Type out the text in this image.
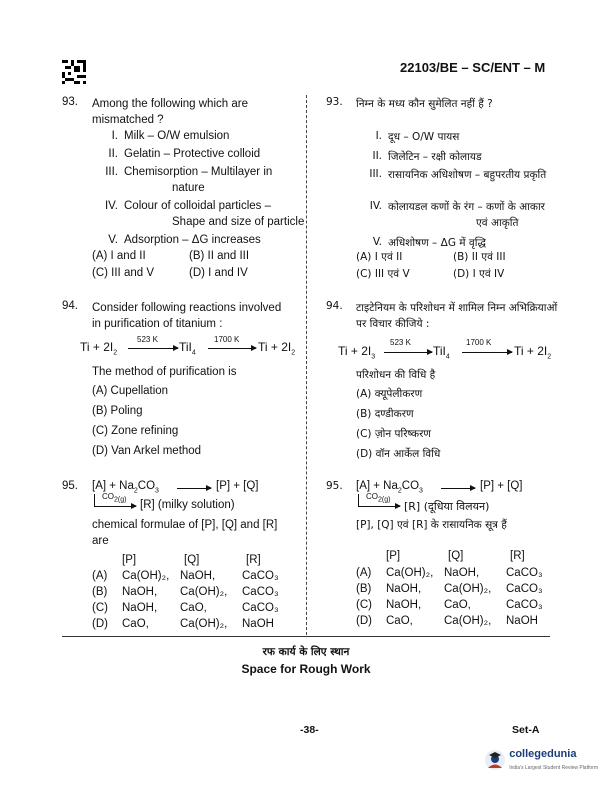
22103/BE – SC/ENT – M
93. Among the following which are
mismatched ?
I. Milk – O/W emulsion
II. Gelatin – Protective colloid
III. Chemisorption – Multilayer in
nature
IV. Colour of colloidal particles –
Shape and size of particle
V. Adsorption – ΔG increases
(A) I and II	(B) II and III
(C) III and V	(D) I and IV
94. Consider following reactions involved
in purification of titanium :
$Ti + 2I_2$
523 K
TiI$_4$
1700 K
$Ti + 2I_2$
The method of purification is
(A) Cupellation
(B) Poling
(C) Zone refining
(D) Van Arkel method
95. $[A] + Na_2CO_3$	[P] + [Q]
$CO_{2(g)}$ [R] (milky solution)
chemical formulae of [P], [Q] and [R]
are
[P]	[Q]	[R]
(A) Ca(OH)₂, NaOH, CaCO₃
(B) NaOH, Ca(OH)₂, CaCO₃
(C) NaOH, CaO,	CaCO₃
(D) CaO,	Ca(OH)₂, NaOH
93. निम्न के मध्य कौन सुमेलित नहीं हैं ?
I. दूध – O/W पायस
II. जिलेटिन – रक्षी कोलायड
III. रासायनिक अधिशोषण – बहुपरतीय प्रकृति
IV. कोलायडल कणों के रंग – कणों के आकार
एवं आकृति
V. अधिशोषण – ΔG में वृद्धि
(A) I एवं II	(B) II एवं III
(C) III एवं V	(D) I एवं IV
94. टाइटेनियम के परिशोधन में शामिल निम्न अभिक्रियाओं
पर विचार कीजिये :
$Ti + 2I_3$
523 K
TiI$_4$
1700 K
$Ti + 2I_2$
परिशोधन की विधि है
(A) क्यूपेलीकरण
(B) दण्डीकरण
(C) ज़ोन परिष्करण
(D) वॉन आर्केल विधि
95. $[A] + Na_2CO_3$	[P] + [Q]
$CO_{2(g)}$ [R] (दूधिया विलयन)
[P], [Q] एवं [R] के रासायनिक सूत्र हैं
[P]	[Q]	[R]
(A) Ca(OH)₂, NaOH, CaCO₃
(B) NaOH, Ca(OH)₂, CaCO₃
(C) NaOH, CaO,	CaCO₃
(D) CaO,	Ca(OH)₂, NaOH
रफ कार्य के लिए स्थान
Space for Rough Work
-38-	Set-A
collegedunia
India's Largest Student Review Platform
